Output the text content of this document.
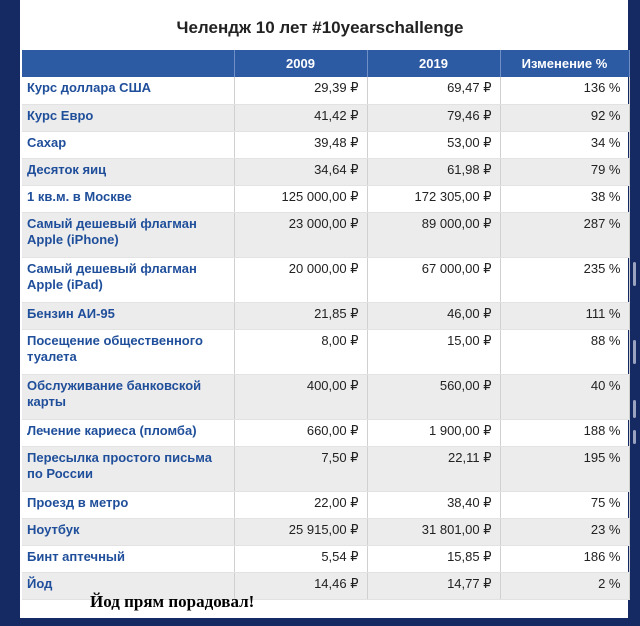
Челендж 10 лет #10yearschallenge
	2009	2019	Изменение %
Курс доллара США	29,39 ₽	69,47 ₽	136 %
Курс Евро	41,42 ₽	79,46 ₽	92 %
Сахар	39,48 ₽	53,00 ₽	34 %
Десяток яиц	34,64 ₽	61,98 ₽	79 %
1 кв.м. в Москве	125 000,00 ₽	172 305,00 ₽	38 %
Самый дешевый флагман Apple (iPhone)	23 000,00 ₽	89 000,00 ₽	287 %
Самый дешевый флагман Apple (iPad)	20 000,00 ₽	67 000,00 ₽	235 %
Бензин АИ-95	21,85 ₽	46,00 ₽	111 %
Посещение общественного туалета	8,00 ₽	15,00 ₽	88 %
Обслуживание банковской карты	400,00 ₽	560,00 ₽	40 %
Лечение кариеса (пломба)	660,00 ₽	1 900,00 ₽	188 %
Пересылка простого письма по России	7,50 ₽	22,11 ₽	195 %
Проезд в метро	22,00 ₽	38,40 ₽	75 %
Ноутбук	25 915,00 ₽	31 801,00 ₽	23 %
Бинт аптечный	5,54 ₽	15,85 ₽	186 %
Йод	14,46 ₽	14,77 ₽	2 %
Йод прям порадовал!
